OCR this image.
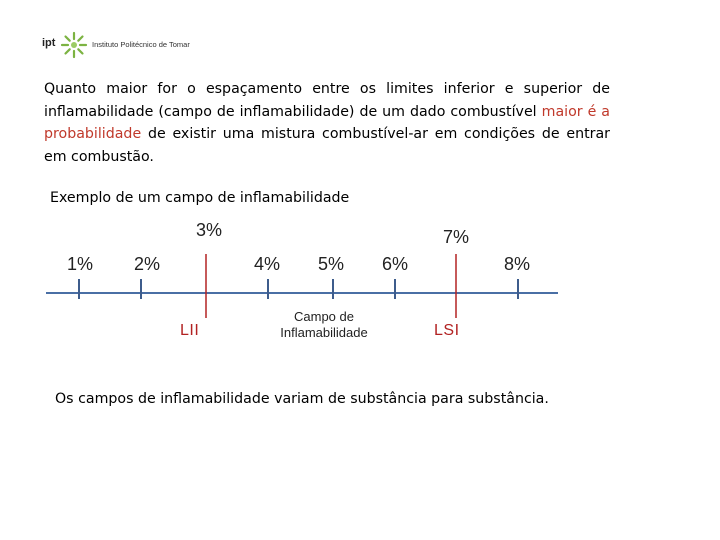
ipt	Instituto Politécnico de Tomar

Quanto maior for o espaçamento entre os limites inferior e superior de inflamabilidade (campo de inflamabilidade) de um dado combustível maior é a probabilidade de existir uma mistura combustível-ar em condições de entrar em combustão.

Exemplo de um campo de inflamabilidade
3%	7%
1% 2%	4% 5% 6%	8%
LII	LSI
Campo de
Inflamabilidade
Os campos de inflamabilidade variam de substância para substância.
